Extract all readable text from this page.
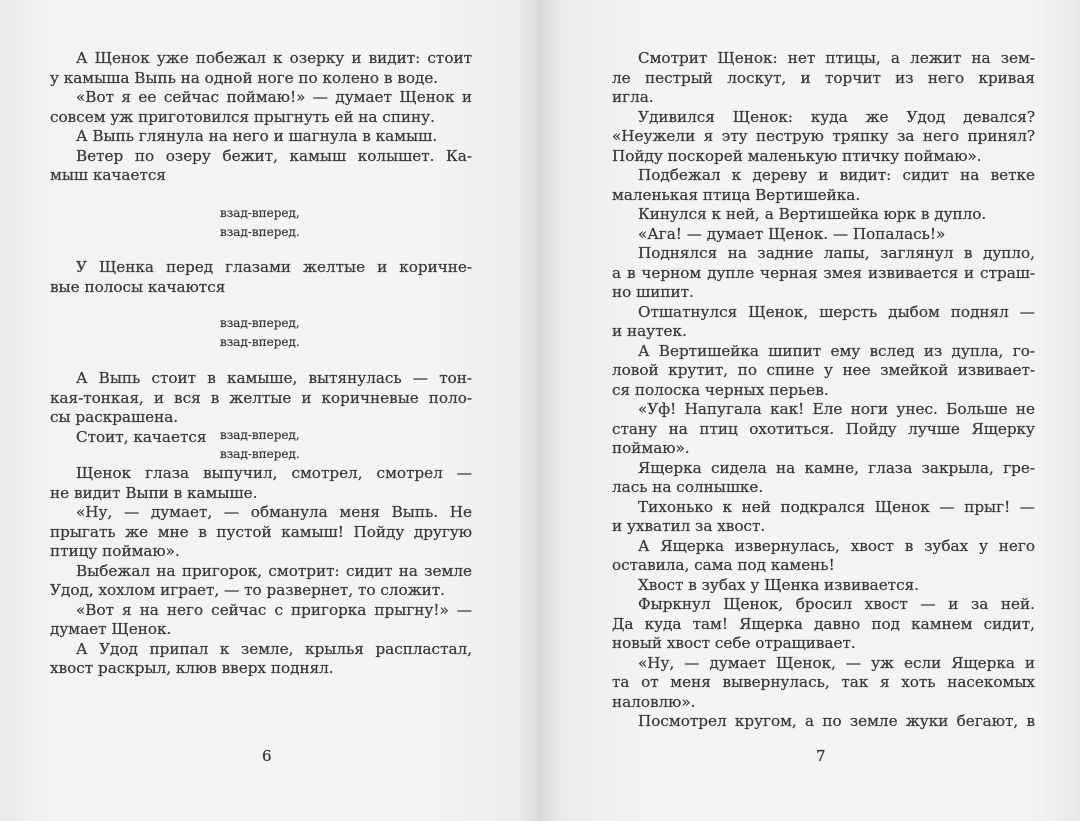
6
А Щенок уже побежал к озерку и видит: стоит
у камыша Выпь на одной ноге по колено в воде.
«Вот я ее сейчас поймаю!» — думает Щенок и
совсем уж приготовился прыгнуть ей на спину.
А Выпь глянула на него и шагнула в камыш.
Ветер по озеру бежит, камыш колышет. Ка-
мыш качается
взад-вперед,
взад-вперед.
У Щенка перед глазами желтые и коричне-
вые полосы качаются
взад-вперед,
взад-вперед.
А Выпь стоит в камыше, вытянулась — тон-
кая-тонкая, и вся в желтые и коричневые поло-
сы раскрашена.
Стоит, качается	взад-вперед,
взад-вперед.
Щенок глаза выпучил, смотрел, смотрел —
не видит Выпи в камыше.
«Ну, — думает, — обманула меня Выпь. Не
прыгать же мне в пустой камыш! Пойду другую
птицу поймаю».
Выбежал на пригорок, смотрит: сидит на земле
Удод, хохлом играет, — то развернет, то сложит.
«Вот я на него сейчас с пригорка прыгну!» —
думает Щенок.
А Удод припал к земле, крылья распластал,
хвост раскрыл, клюв вверх поднял.
7
Смотрит Щенок: нет птицы, а лежит на зем-
ле пестрый лоскут, и торчит из него кривая
игла.
Удивился Щенок: куда же Удод девался?
«Неужели я эту пеструю тряпку за него принял?
Пойду поскорей маленькую птичку поймаю».
Подбежал к дереву и видит: сидит на ветке
маленькая птица Вертишейка.
Кинулся к ней, а Вертишейка юрк в дупло.
«Ага! — думает Щенок. — Попалась!»
Поднялся на задние лапы, заглянул в дупло,
а в черном дупле черная змея извивается и страш-
но шипит.
Отшатнулся Щенок, шерсть дыбом поднял —
и наутек.
А Вертишейка шипит ему вслед из дупла, го-
ловой крутит, по спине у нее змейкой извивает-
ся полоска черных перьев.
«Уф! Напугала как! Еле ноги унес. Больше не
стану на птиц охотиться. Пойду лучше Ящерку
поймаю».
Ящерка сидела на камне, глаза закрыла, гре-
лась на солнышке.
Тихонько к ней подкрался Щенок — прыг! —
и ухватил за хвост.
А Ящерка извернулась, хвост в зубах у него
оставила, сама под камень!
Хвост в зубах у Щенка извивается.
Фыркнул Щенок, бросил хвост — и за ней.
Да куда там! Ящерка давно под камнем сидит,
новый хвост себе отращивает.
«Ну, — думает Щенок, — уж если Ящерка и
та от меня вывернулась, так я хоть насекомых
наловлю».
Посмотрел кругом, а по земле жуки бегают, в
